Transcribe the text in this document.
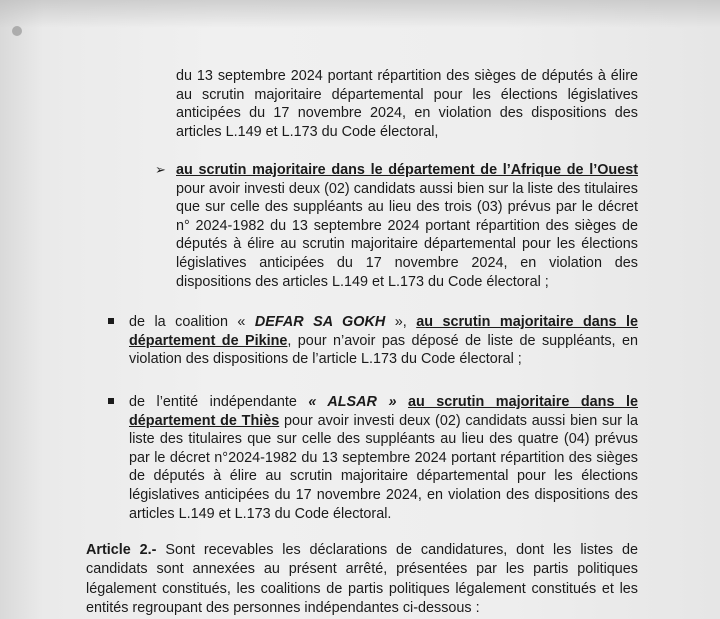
du 13 septembre 2024 portant répartition des sièges de députés à élire au scrutin majoritaire départemental pour les élections législatives anticipées du 17 novembre 2024, en violation des dispositions des articles L.149 et L.173 du Code électoral,

➢ au scrutin majoritaire dans le département de l’Afrique de l’Ouest pour avoir investi deux (02) candidats aussi bien sur la liste des titulaires que sur celle des suppléants au lieu des trois (03) prévus par le décret n° 2024-1982 du 13 septembre 2024 portant répartition des sièges de députés à élire au scrutin majoritaire départemental pour les élections législatives anticipées du 17 novembre 2024, en violation des dispositions des articles L.149 et L.173 du Code électoral ;
de la coalition « DEFAR SA GOKH », au scrutin majoritaire dans le département de Pikine, pour n’avoir pas déposé de liste de suppléants, en violation des dispositions de l’article L.173 du Code électoral ;
de l’entité indépendante « ALSAR » au scrutin majoritaire dans le département de Thiès pour avoir investi deux (02) candidats aussi bien sur la liste des titulaires que sur celle des suppléants au lieu des quatre (04) prévus par le décret n°2024-1982 du 13 septembre 2024 portant répartition des sièges de députés à élire au scrutin majoritaire départemental pour les élections législatives anticipées du 17 novembre 2024, en violation des dispositions des articles L.149 et L.173 du Code électoral.
Article 2.- Sont recevables les déclarations de candidatures, dont les listes de candidats sont annexées au présent arrêté, présentées par les partis politiques légalement constitués, les coalitions de partis politiques légalement constitués et les entités regroupant des personnes indépendantes ci-dessous :
